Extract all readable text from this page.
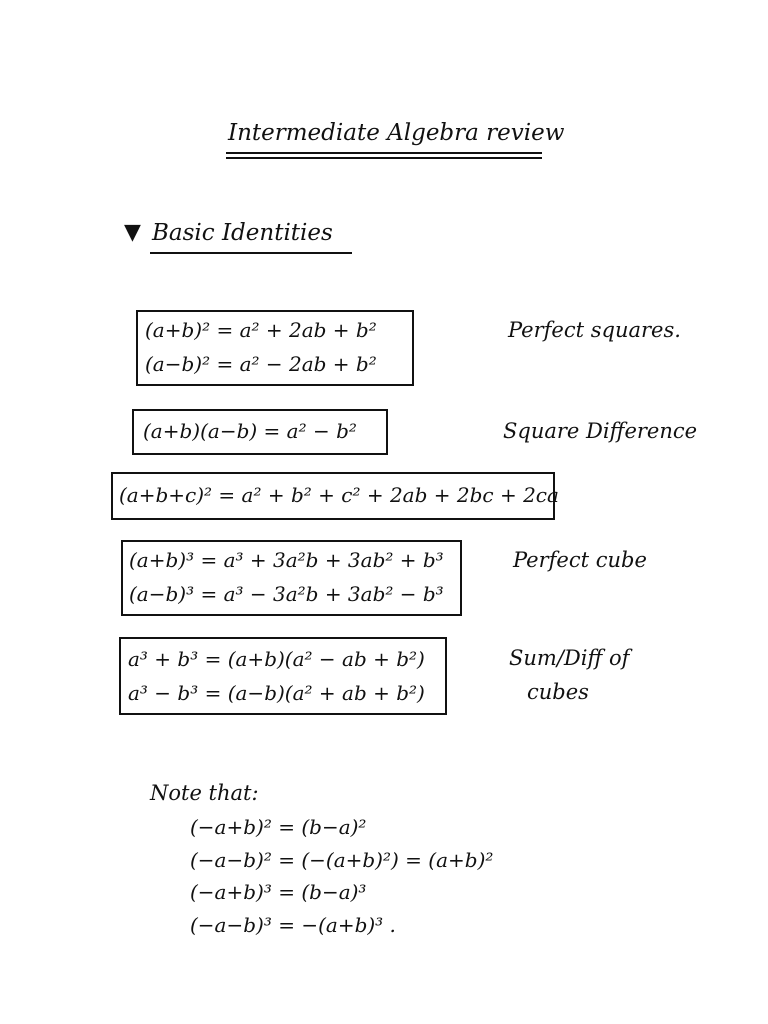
Intermediate Algebra review
▼ Basic Identities
(a+b)² = a² + 2ab + b²
(a−b)² = a² − 2ab + b²
Perfect squares.
(a+b)(a−b) = a² − b²	Square Difference
(a+b+c)² = a² + b² + c² + 2ab + 2bc + 2ca
(a+b)³ = a³ + 3a²b + 3ab² + b³
(a−b)³ = a³ − 3a²b + 3ab² − b³
Perfect cube
a³ + b³ = (a+b)(a² − ab + b²)
a³ − b³ = (a−b)(a² + ab + b²)
Sum/Diff of
cubes
Note that:
(−a+b)² = (b−a)²
(−a−b)² = (−(a+b)²) = (a+b)²
(−a+b)³ = (b−a)³
(−a−b)³ = −(a+b)³ .
